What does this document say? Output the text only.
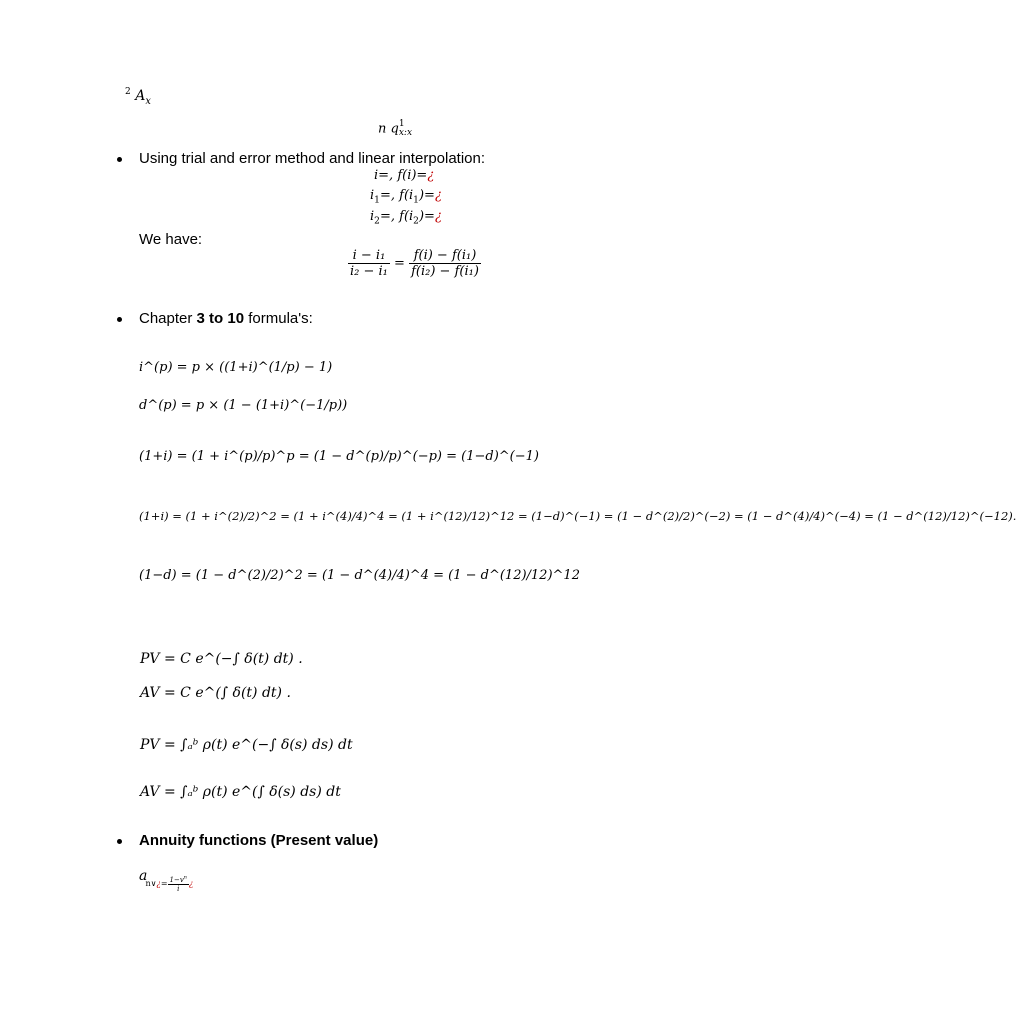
$^2$ $A_x$
n q 1
x:x
Using trial and error method and linear interpolation:
i=, f(i)=¿
$i_1=$, $f(i_1)=¿$
$i_2=$, $f(i_2)=¿$
We have:
$\frac{\text{i − i₁}}{\text{i₂ − i₁}} = \frac{\text{f(i) − f(i₁)}}{\text{f(i₂) − f(i₁)}}$
Chapter 3 to 10 formula's:
i^(p) = p × ((1+i)^(1/p) − 1)
d^(p) = p × (1 − (1+i)^(−1/p))
(1+i) = (1 + i^(p)/p)^p = (1 − d^(p)/p)^(−p) = (1−d)^(−1)
(1+i) = (1 + i^(2)/2)^2 = (1 + i^(4)/4)^4 = (1 + i^(12)/12)^12 = (1−d)^(−1) = (1 − d^(2)/2)^(−2) = (1 − d^(4)/4)^(−4) = (1 − d^(12)/12)^(−12).
(1−d) = (1 − d^(2)/2)^2 = (1 − d^(4)/4)^4 = (1 − d^(12)/12)^12
PV = C e^(−∫ δ(t) dt) .
AV = C e^(∫ δ(t) dt) .
PV = ∫ₐᵇ ρ(t) e^(−∫ δ(s) ds) dt
AV = ∫ₐᵇ ρ(t) e^(∫ δ(s) ds) dt
Annuity functions (Present value)
a $_{n\vee¿= \frac{1-v^n}{i} ¿}$
